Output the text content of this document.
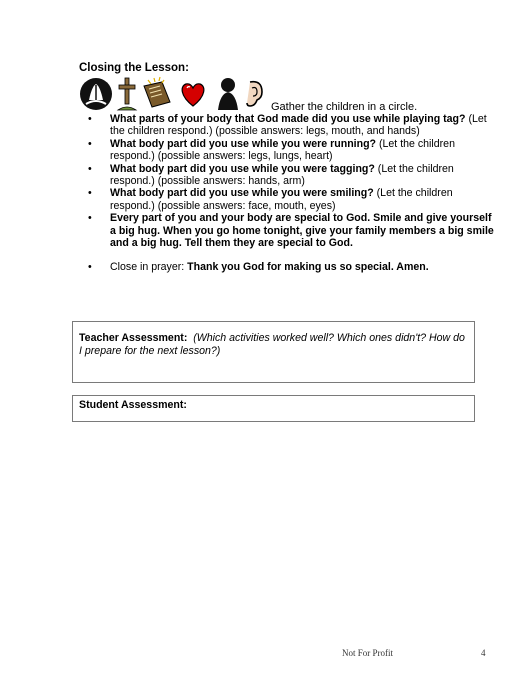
Closing the Lesson:
Gather the children in a circle.
• What parts of your body that God made did you use while playing tag? (Let the children respond.) (possible answers: legs, mouth, and hands)
• What body part did you use while you were running? (Let the children respond.) (possible answers: legs, lungs, heart)
• What body part did you use while you were tagging? (Let the children respond.) (possible answers: hands, arm)
• What body part did you use while you were smiling? (Let the children respond.) (possible answers: face, mouth, eyes)
• Every part of you and your body are special to God. Smile and give yourself a big hug. When you go home tonight, give your family members a big smile and a big hug. Tell them they are special to God.
• Close in prayer: Thank you God for making us so special. Amen.
Teacher Assessment: (Which activities worked well? Which ones didn't? How do I prepare for the next lesson?)
Student Assessment:
Not For Profit	4
